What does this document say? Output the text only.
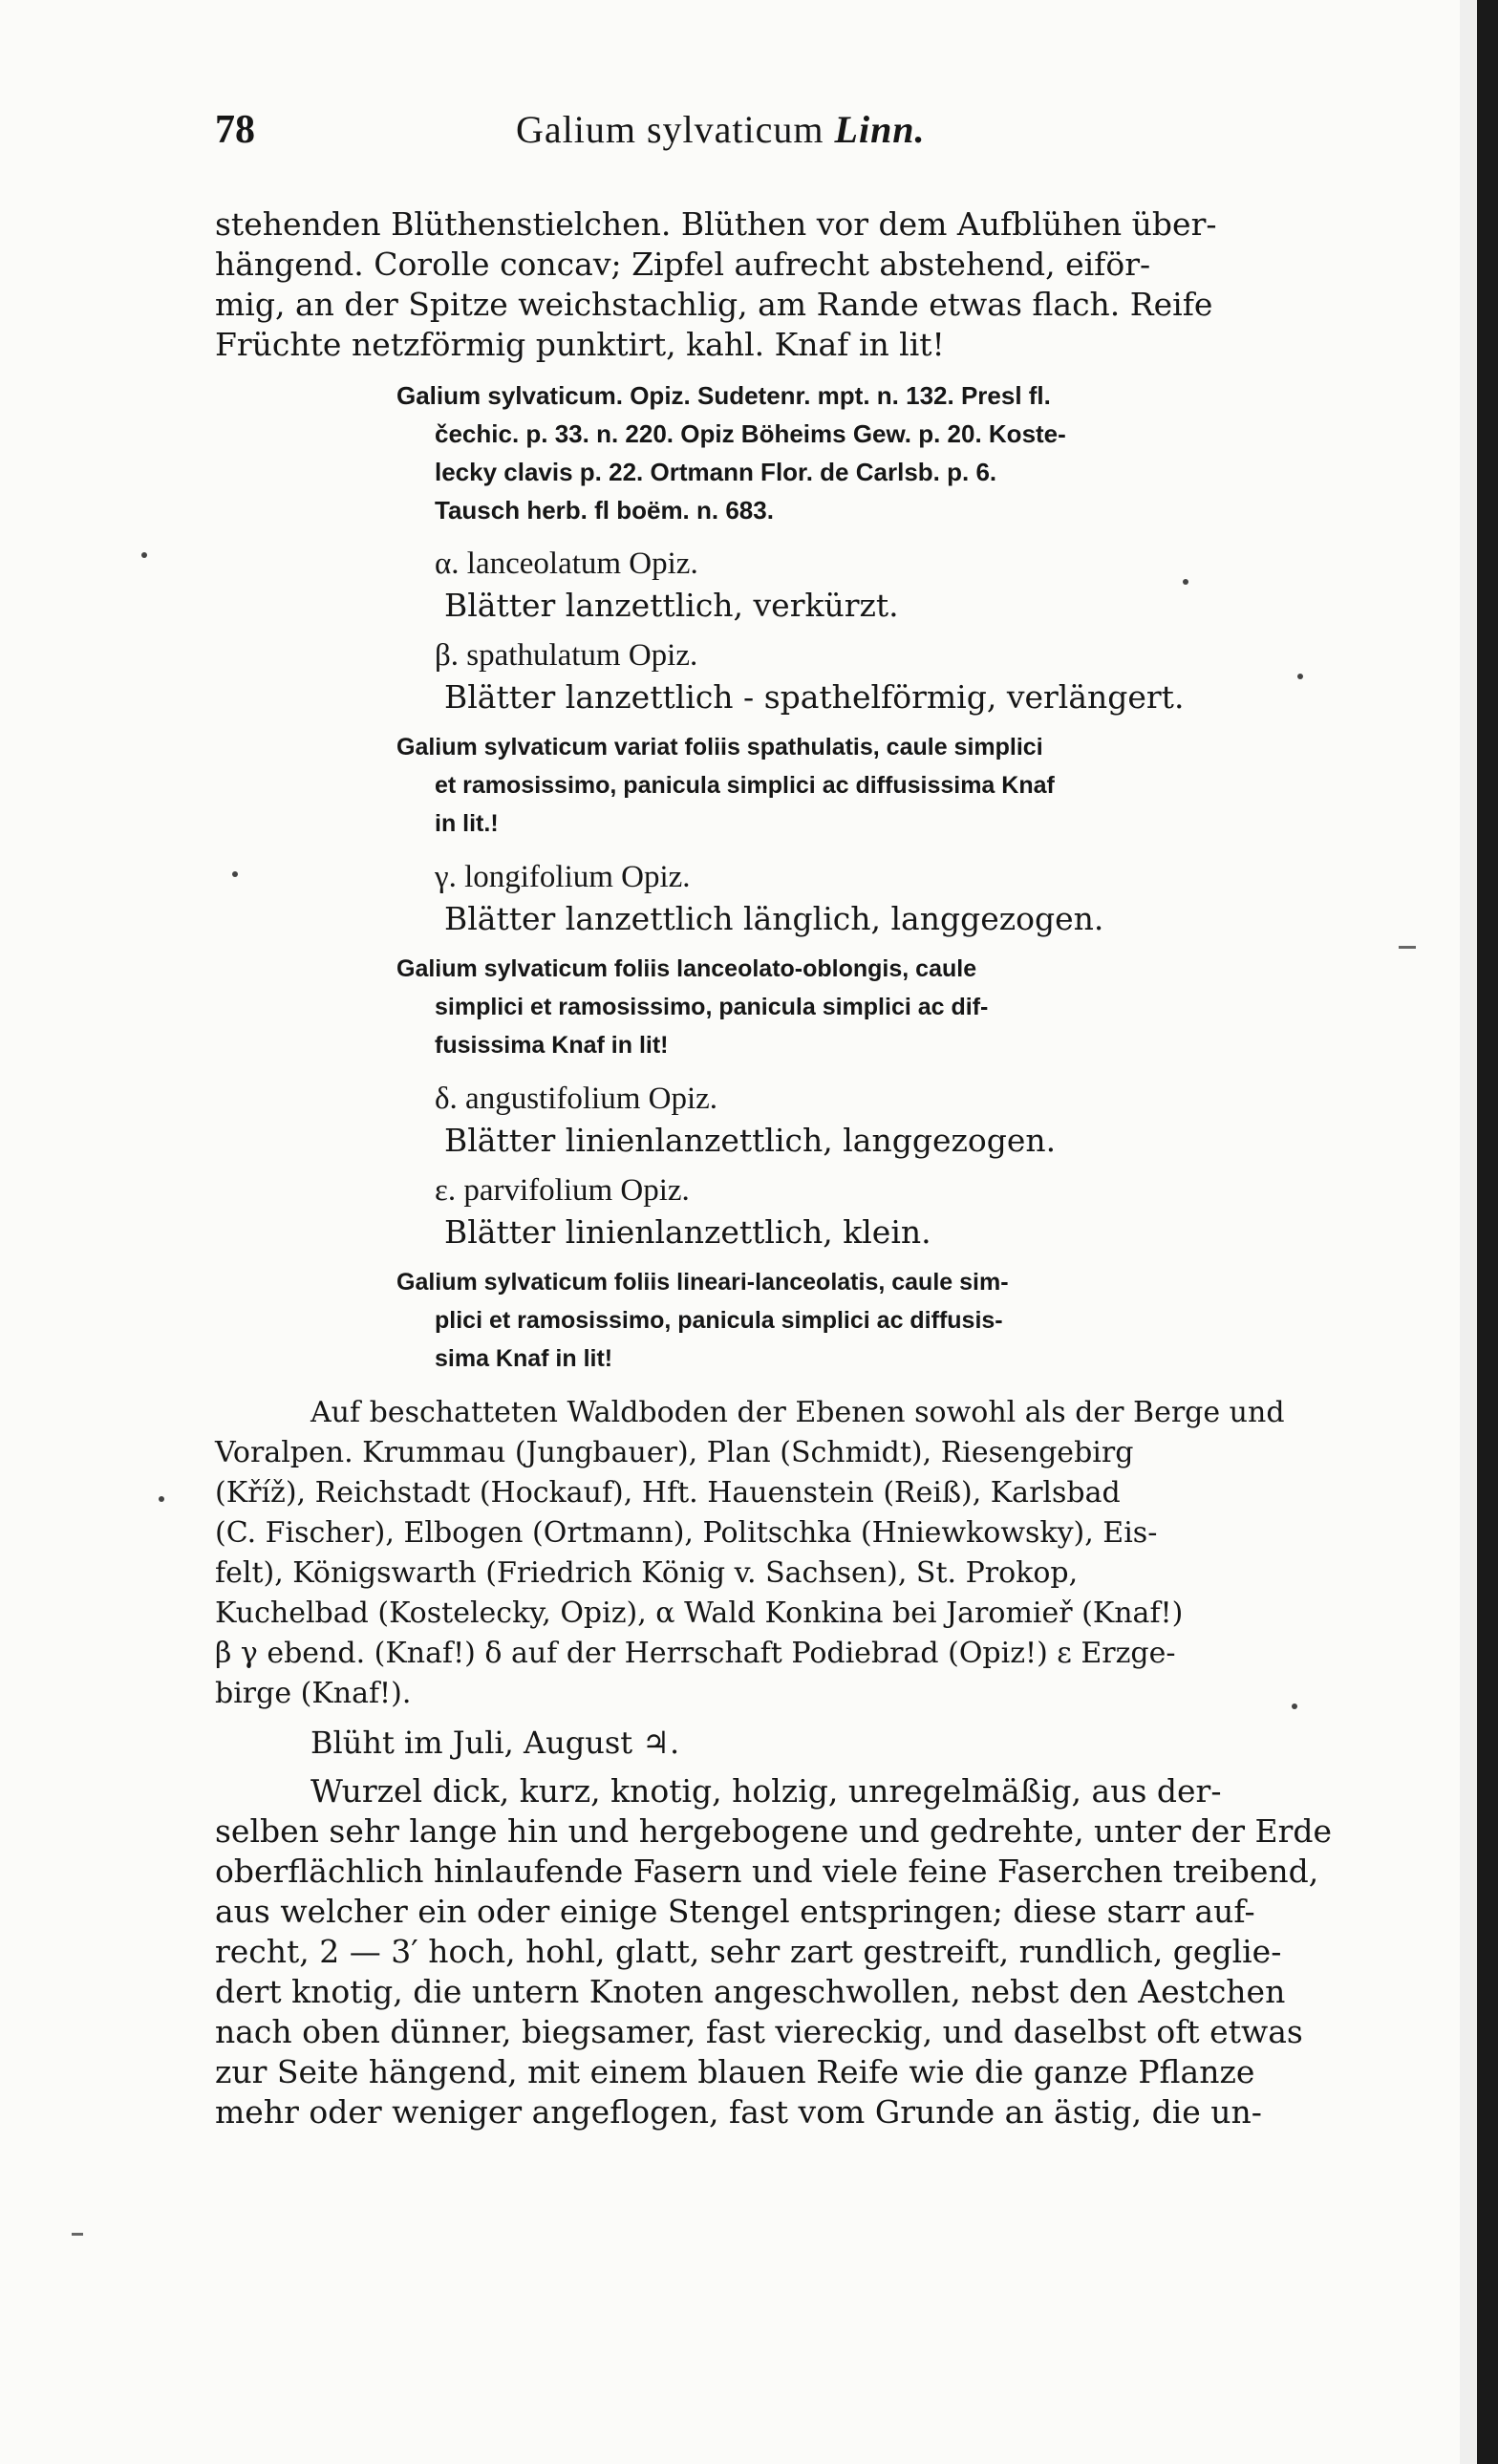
78	Galium sylvaticum Linn.
stehenden Blüthenstielchen. Blüthen vor dem Aufblühen über-
hängend. Corolle concav; Zipfel aufrecht abstehend, eiför-
mig, an der Spitze weichstachlig, am Rande etwas flach. Reife
Früchte netzförmig punktirt, kahl. Knaf in lit!
Galium sylvaticum. Opiz. Sudetenr. mpt. n. 132. Presl fl.
čechic. p. 33. n. 220. Opiz Böheims Gew. p. 20. Koste-
lecky clavis p. 22. Ortmann Flor. de Carlsb. p. 6.
Tausch herb. fl boëm. n. 683.
α. lanceolatum Opiz.
Blätter lanzettlich, verkürzt.
β. spathulatum Opiz.
Blätter lanzettlich - spathelförmig, verlängert.
Galium sylvaticum variat foliis spathulatis, caule simplici
et ramosissimo, panicula simplici ac diffusissima Knaf
in lit.!
γ. longifolium Opiz.
Blätter lanzettlich länglich, langgezogen.
Galium sylvaticum foliis lanceolato-oblongis, caule
simplici et ramosissimo, panicula simplici ac dif-
fusissima Knaf in lit!
δ. angustifolium Opiz.
Blätter linienlanzettlich, langgezogen.
ε. parvifolium Opiz.
Blätter linienlanzettlich, klein.
Galium sylvaticum foliis lineari-lanceolatis, caule sim-
plici et ramosissimo, panicula simplici ac diffusis-
sima Knaf in lit!
Auf beschatteten Waldboden der Ebenen sowohl als der Berge und
Voralpen. Krummau (Jungbauer), Plan (Schmidt), Riesengebirg
(Kříž), Reichstadt (Hockauf), Hft. Hauenstein (Reiß), Karlsbad
(C. Fischer), Elbogen (Ortmann), Politschka (Hniewkowsky), Eis-
felt), Königswarth (Friedrich König v. Sachsen), St. Prokop,
Kuchelbad (Kostelecky, Opiz), α Wald Konkina bei Jaromieř (Knaf!)
β γ ebend. (Knaf!) δ auf der Herrschaft Podiebrad (Opiz!) ε Erzge-
birge (Knaf!).
Blüht im Juli, August ♃.
Wurzel dick, kurz, knotig, holzig, unregelmäßig, aus der-
selben sehr lange hin und hergebogene und gedrehte, unter der Erde
oberflächlich hinlaufende Fasern und viele feine Faserchen treibend,
aus welcher ein oder einige Stengel entspringen; diese starr auf-
recht, 2 — 3′ hoch, hohl, glatt, sehr zart gestreift, rundlich, geglie-
dert knotig, die untern Knoten angeschwollen, nebst den Aestchen
nach oben dünner, biegsamer, fast viereckig, und daselbst oft etwas
zur Seite hängend, mit einem blauen Reife wie die ganze Pflanze
mehr oder weniger angeflogen, fast vom Grunde an ästig, die un-
